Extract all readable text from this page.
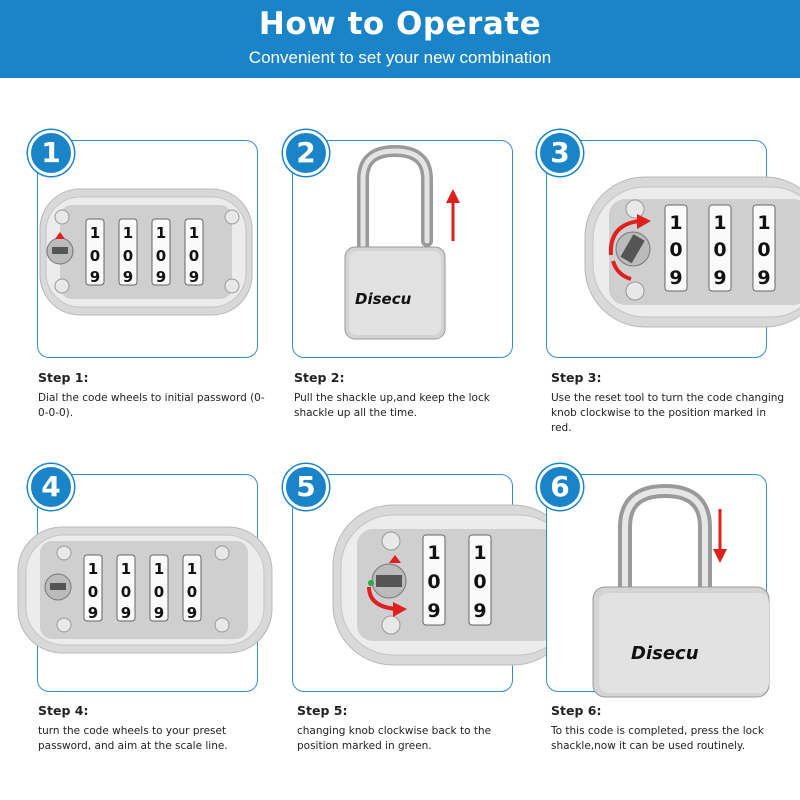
How to Operate
Convenient to set your new combination
1
0
9
1
0
9
1
0
9
1
0
9
1
Step 1:
Dial the code wheels to initial password (0-0-0-0).
Disecu
2
Step 2:
Pull the shackle up,and keep the lock shackle up all the time.
1
0
9
1
0
9
1
0
9
3
Step 3:
Use the reset tool to turn the code changing knob clockwise to the position marked in red.
1
0
9
1
0
9
1
0
9
1
0
9
4
Step 4:
turn the code wheels to your preset password, and aim at the scale line.
1
0
9
1
0
9
5
Step 5:
changing knob clockwise back to the position marked in green.
Disecu
6
Step 6:
To this code is completed, press the lock shackle,now it can be used routinely.
